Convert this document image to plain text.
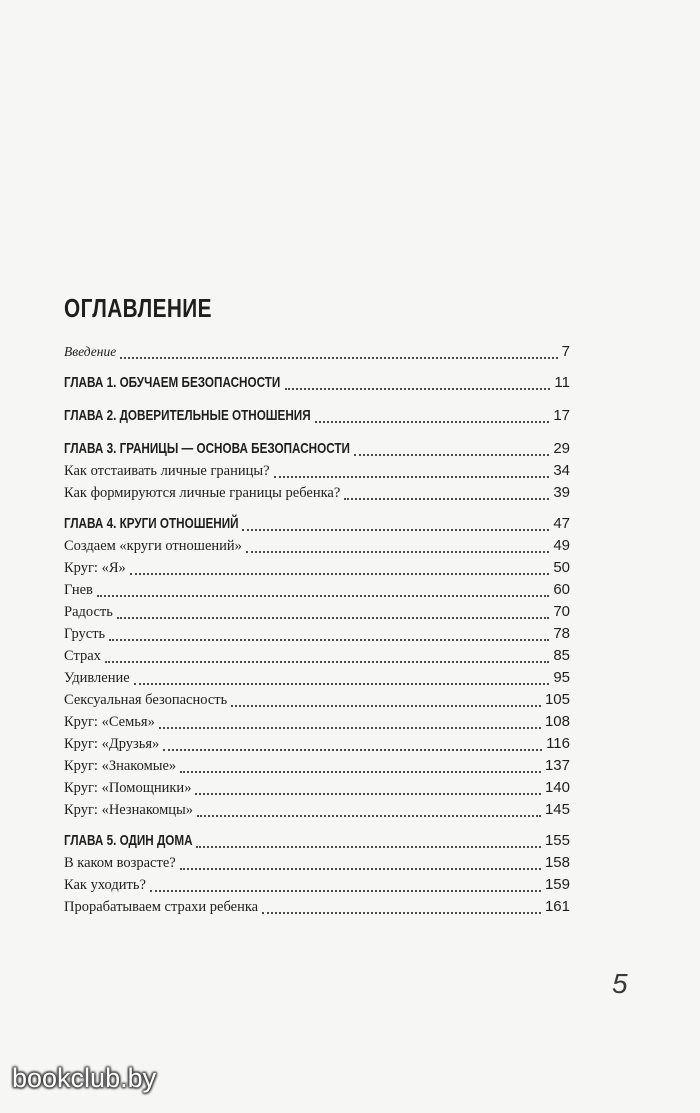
ОГЛАВЛЕНИЕ
Введение	7
ГЛАВА 1. ОБУЧАЕМ БЕЗОПАСНОСТИ	11
ГЛАВА 2. ДОВЕРИТЕЛЬНЫЕ ОТНОШЕНИЯ	17
ГЛАВА 3. ГРАНИЦЫ — ОСНОВА БЕЗОПАСНОСТИ	29
Как отстаивать личные границы?	34
Как формируются личные границы ребенка?	39
ГЛАВА 4. КРУГИ ОТНОШЕНИЙ	47
Создаем «круги отношений»	49
Круг: «Я»	50
Гнев	60
Радость	70
Грусть	78
Страх	85
Удивление	95
Сексуальная безопасность	105
Круг: «Семья»	108
Круг: «Друзья»	116
Круг: «Знакомые»	137
Круг: «Помощники»	140
Круг: «Незнакомцы»	145
ГЛАВА 5. ОДИН ДОМА	155
В каком возрасте?	158
Как уходить?	159
Прорабатываем страхи ребенка	161
5
bookclub.by
